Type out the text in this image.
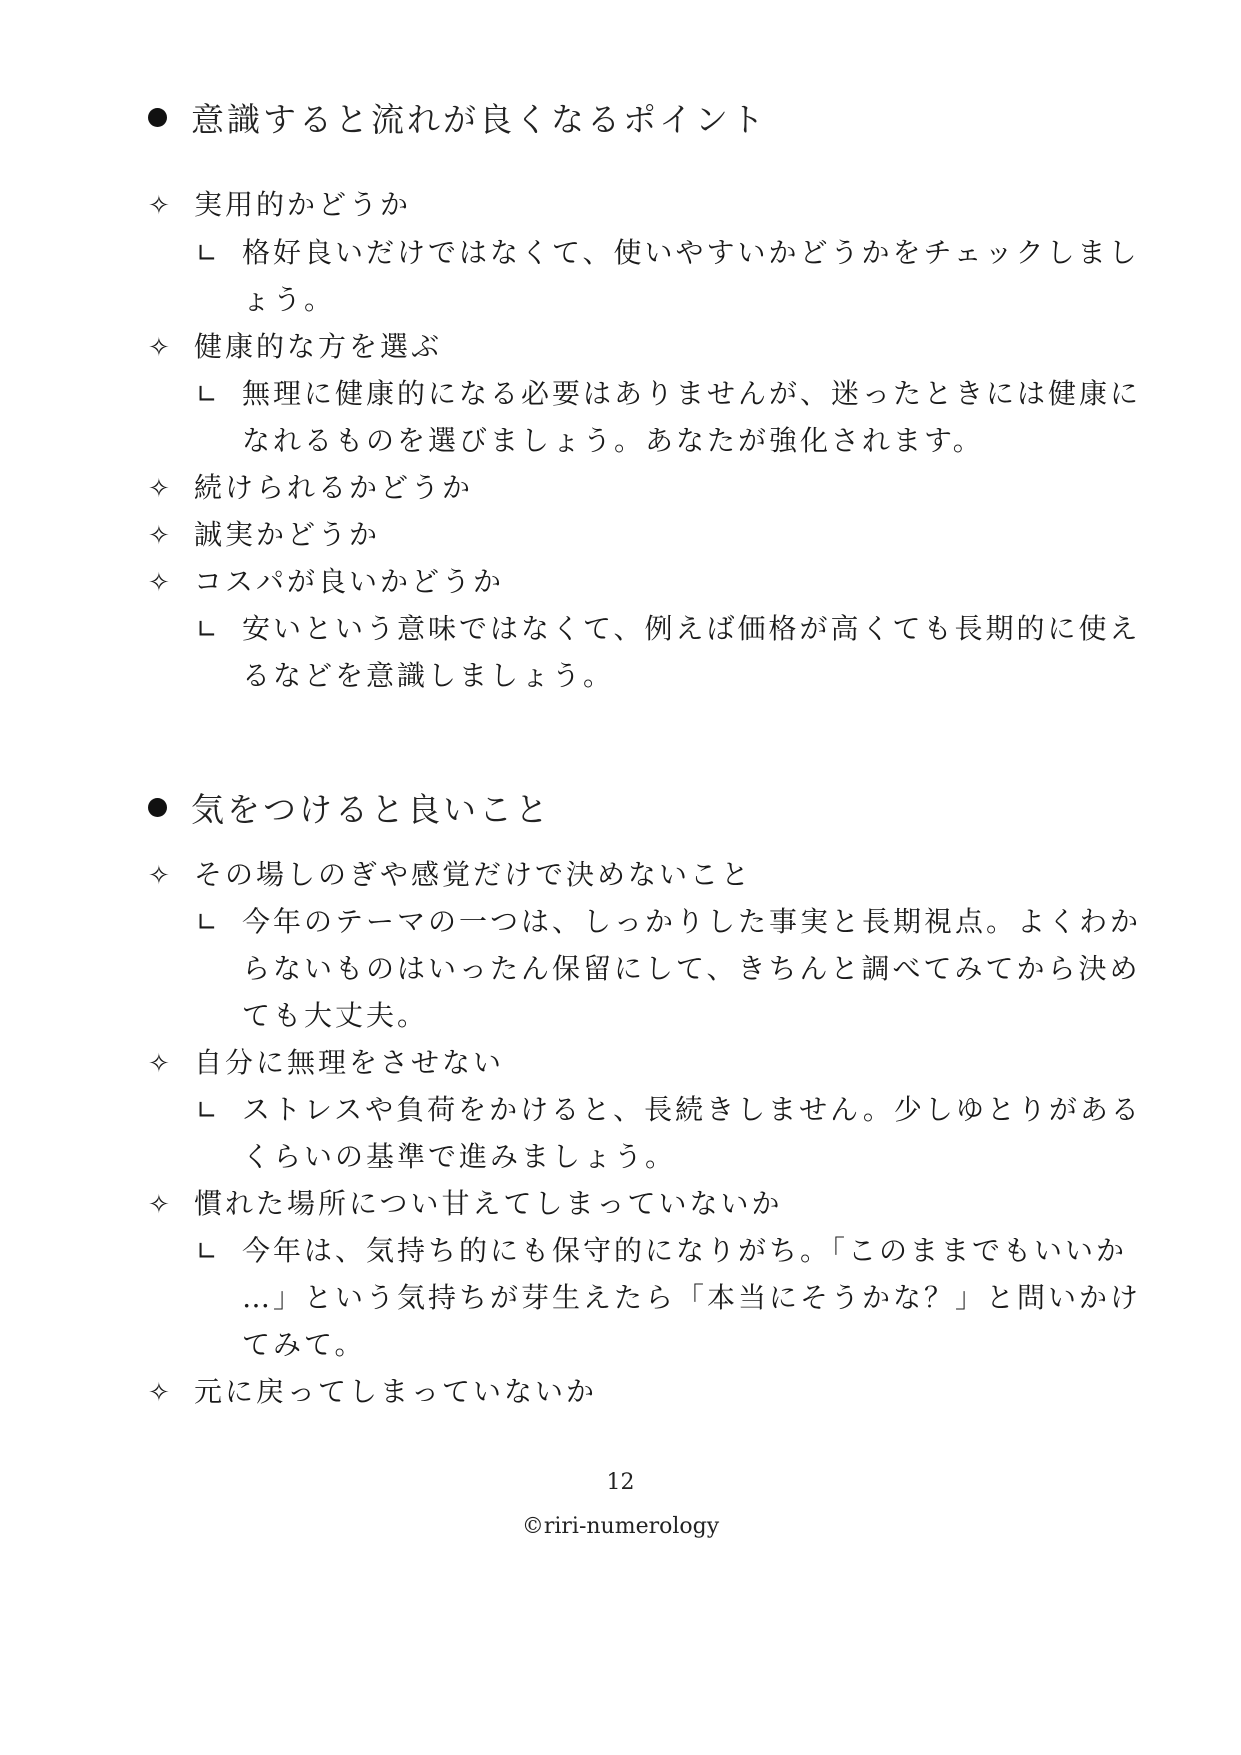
意識すると流れが良くなるポイント
✧ 実用的かどうか
∟ 格好良いだけではなくて、使いやすいかどうかをチェックしまし
ょう。
✧ 健康的な方を選ぶ
∟ 無理に健康的になる必要はありませんが、迷ったときには健康に
なれるものを選びましょう。あなたが強化されます。
✧ 続けられるかどうか
✧ 誠実かどうか
✧ コスパが良いかどうか
∟ 安いという意味ではなくて、例えば価格が高くても長期的に使え
るなどを意識しましょう。
気をつけると良いこと
✧ その場しのぎや感覚だけで決めないこと
∟ 今年のテーマの一つは、しっかりした事実と長期視点。よくわか
らないものはいったん保留にして、きちんと調べてみてから決め
ても大丈夫。
✧ 自分に無理をさせない
∟ ストレスや負荷をかけると、長続きしません。少しゆとりがある
くらいの基準で進みましょう。
✧ 慣れた場所につい甘えてしまっていないか
∟ 今年は、気持ち的にも保守的になりがち。「このままでもいいか
…」という気持ちが芽生えたら「本当にそうかな？」と問いかけ
てみて。
✧ 元に戻ってしまっていないか
12
©riri-numerology
